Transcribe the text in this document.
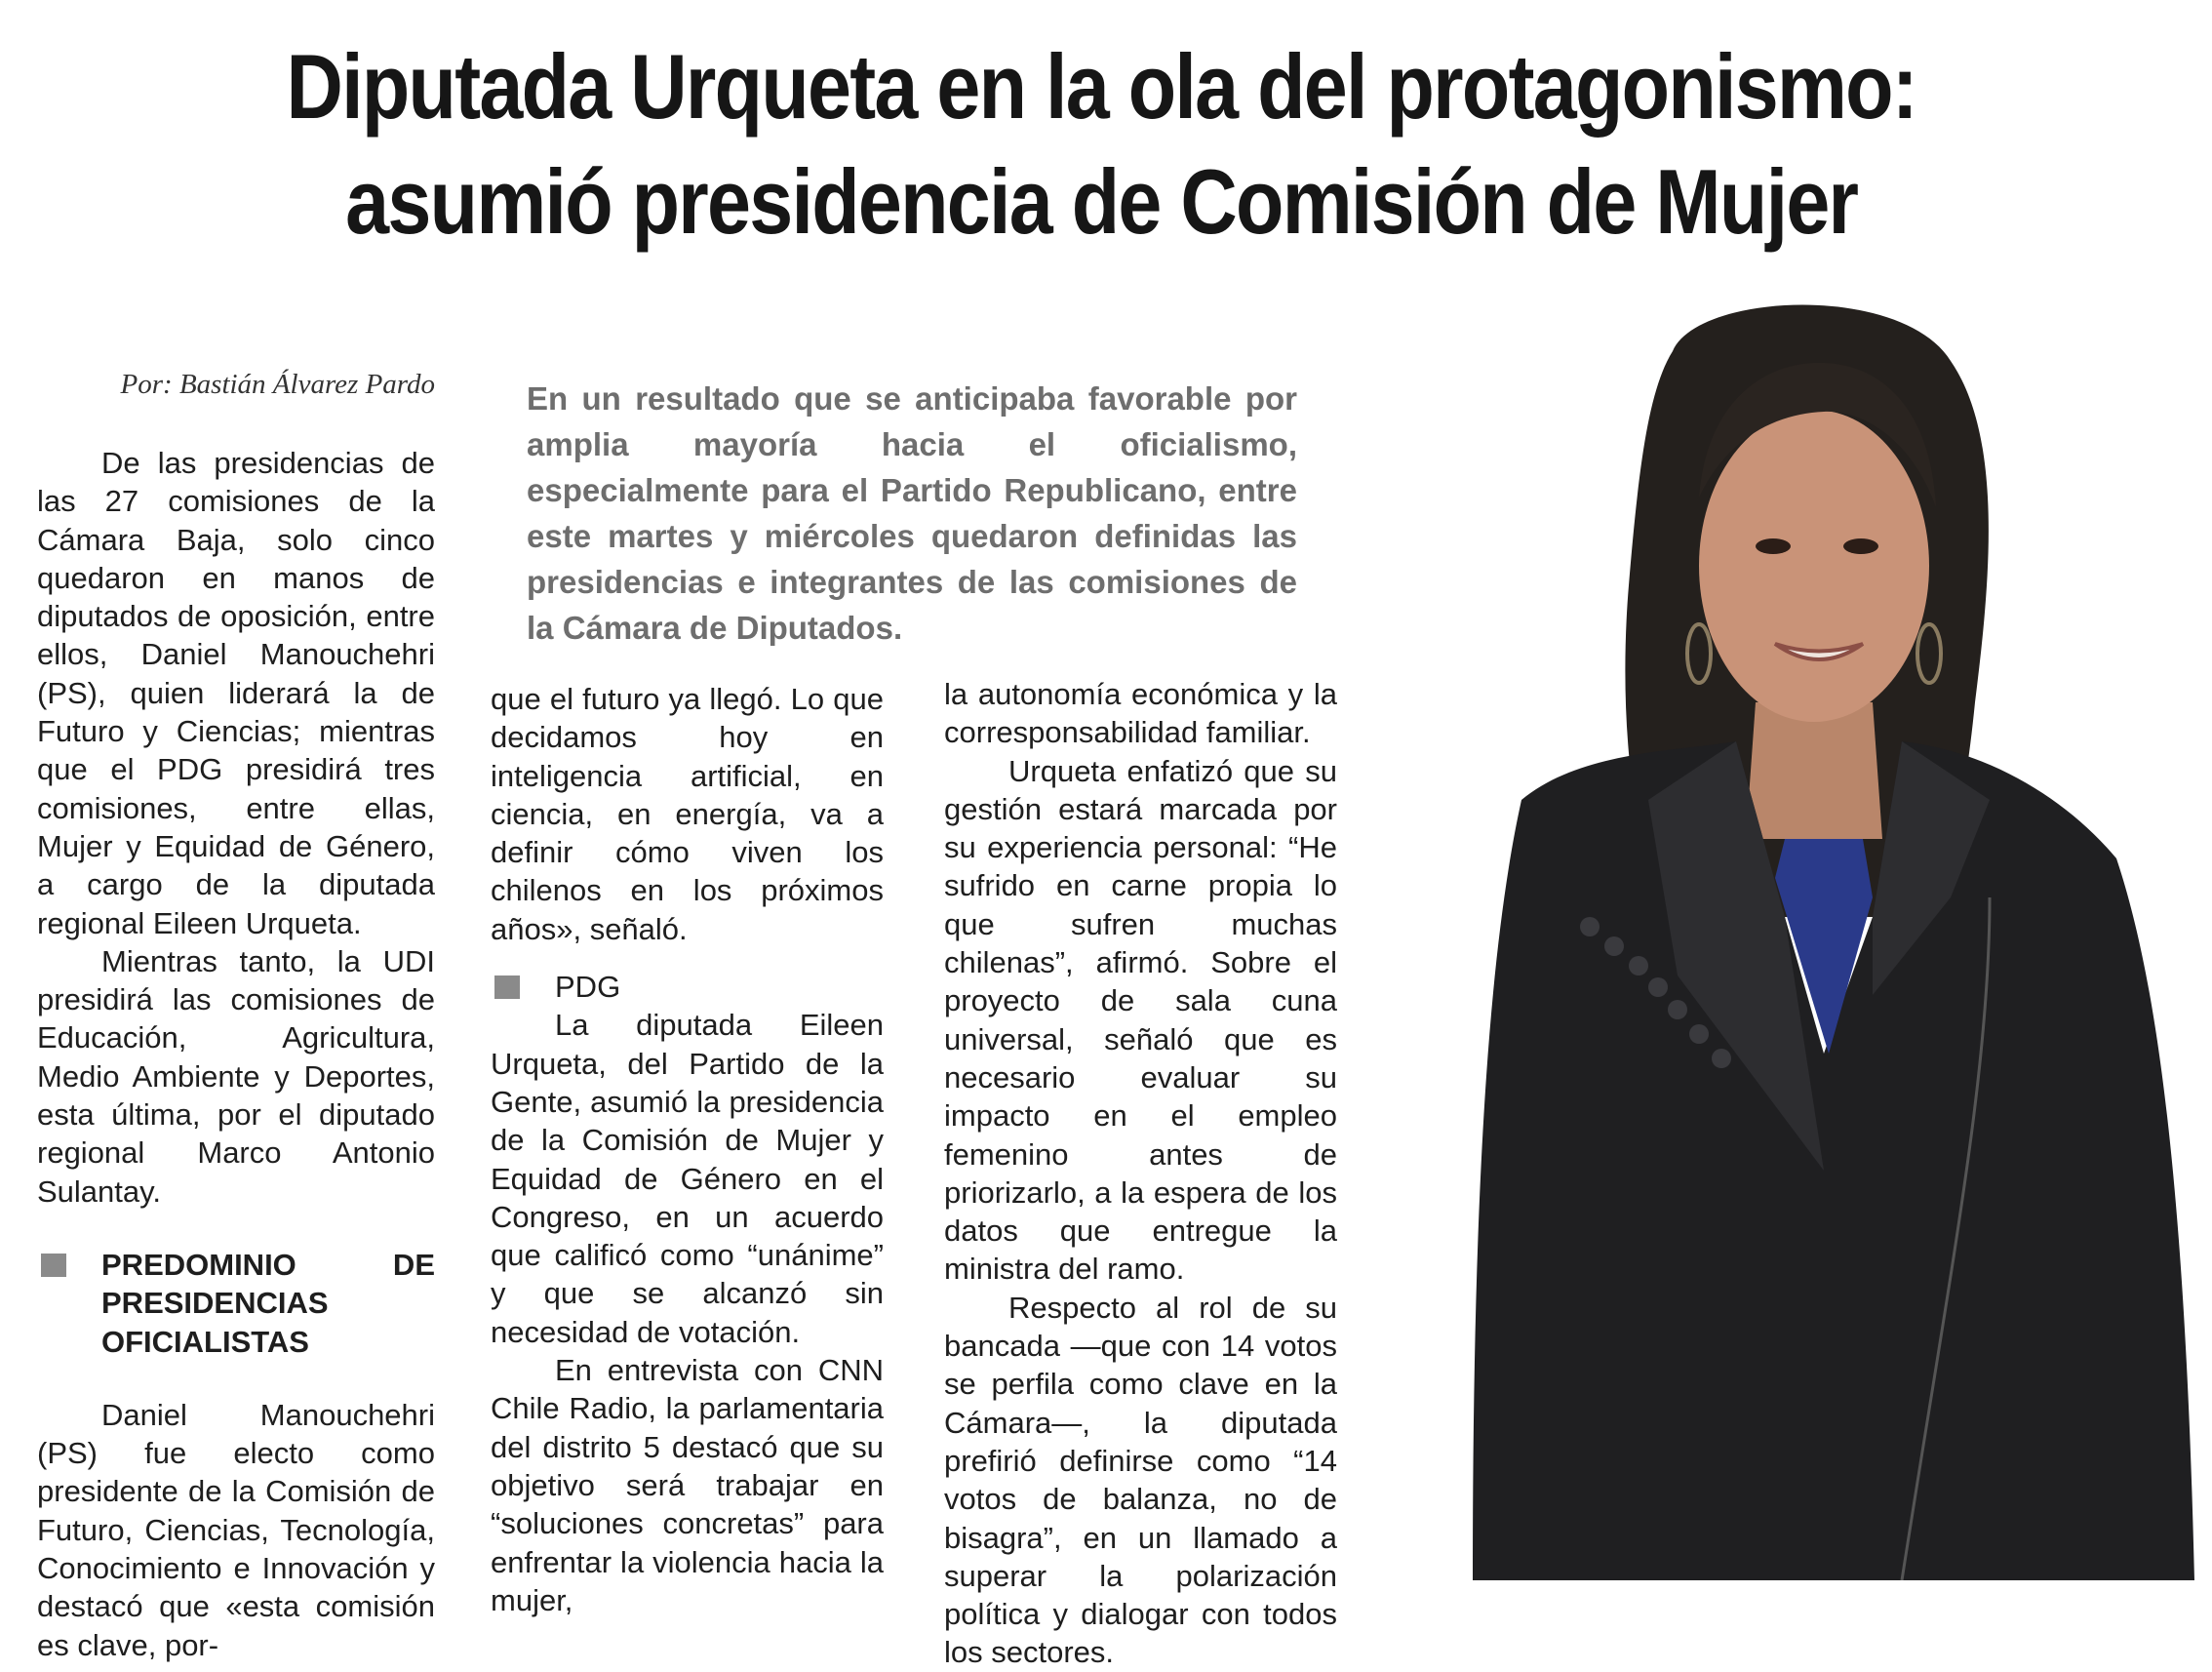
Diputada Urqueta en la ola del protagonismo:
asumió presidencia de Comisión de Mujer
Por: Bastián Álvarez Pardo	En un resultado que se anticipaba favorable por amplia mayoría hacia el oficialismo, especialmente para el Partido Republicano, entre este martes y miércoles quedaron definidas las presidencias e integrantes de las comisiones de la Cámara de Diputados.

De las presidencias de las 27 comisiones de la Cámara Baja, solo cinco quedaron en manos de diputados de oposición, entre ellos, Daniel Manouchehri (PS), quien liderará la de Futuro y Ciencias; mientras que el PDG presidirá tres comisiones, entre ellas, Mujer y Equidad de Género, a cargo de la diputada regional Eileen Urqueta.

Mientras tanto, la UDI presidirá las comisiones de Educación, Agricultura, Medio Ambiente y Deportes, esta última, por el diputado regional Marco Antonio Sulantay.

PREDOMINIO DE PRESIDENCIAS OFICIALISTAS

Daniel Manouchehri (PS) fue electo como presidente de la Comisión de Futuro, Ciencias, Tecnología, Conocimiento e Innovación y destacó que «esta comisión es clave, por-

que el futuro ya llegó. Lo que decidamos hoy en inteligencia artificial, en ciencia, en energía, va a definir cómo viven los chilenos en los próximos años», señaló.

PDG

La diputada Eileen Urqueta, del Partido de la Gente, asumió la presidencia de la Comisión de Mujer y Equidad de Género en el Congreso, en un acuerdo que calificó como “unánime” y que se alcanzó sin necesidad de votación.

En entrevista con CNN Chile Radio, la parlamentaria del distrito 5 destacó que su objetivo será trabajar en “soluciones concretas” para enfrentar la violencia hacia la mujer,

la autonomía económica y la corresponsabilidad familiar.

Urqueta enfatizó que su gestión estará marcada por su experiencia personal: “He sufrido en carne propia lo que sufren muchas chilenas”, afirmó. Sobre el proyecto de sala cuna universal, señaló que es necesario evaluar su impacto en el empleo femenino antes de priorizarlo, a la espera de los datos que entregue la ministra del ramo.

Respecto al rol de su bancada —que con 14 votos se perfila como clave en la Cámara—, la diputada prefirió definirse como “14 votos de balanza, no de bisagra”, en un llamado a superar la polarización política y dialogar con todos los sectores.
